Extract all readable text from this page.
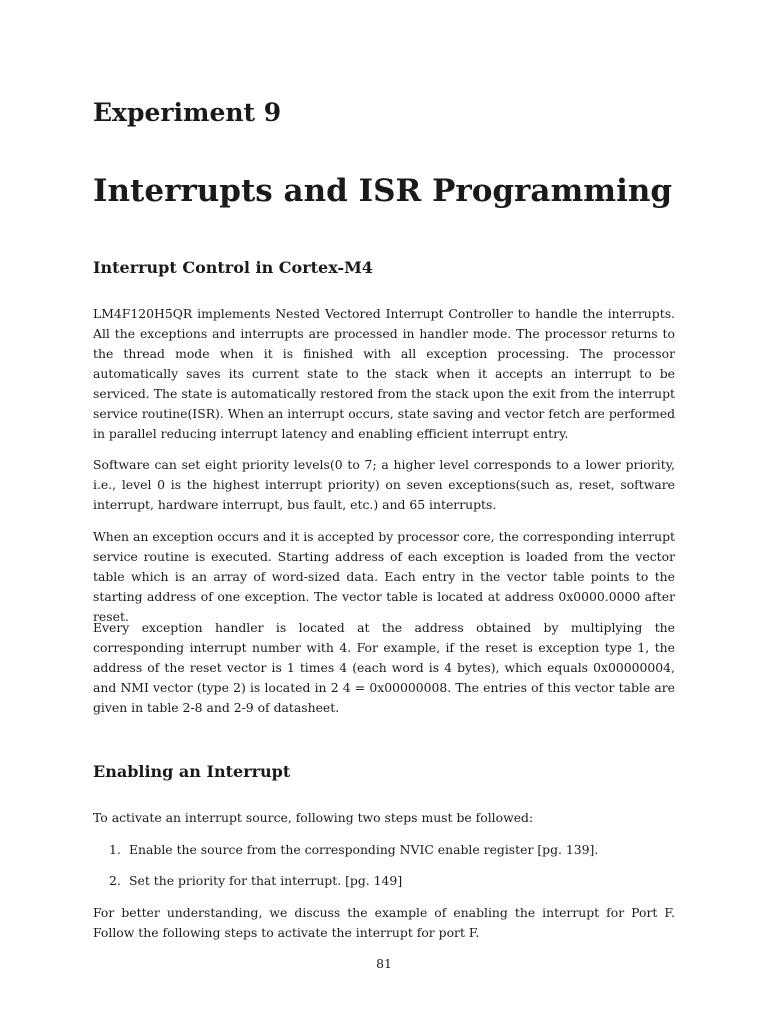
Experiment 9
Interrupts and ISR Programming
Interrupt Control in Cortex-M4

LM4F120H5QR implements Nested Vectored Interrupt Controller to handle the interrupts. All the exceptions and interrupts are processed in handler mode. The processor returns to the thread mode when it is finished with all exception processing. The processor automatically saves its current state to the stack when it accepts an interrupt to be serviced. The state is automatically restored from the stack upon the exit from the interrupt service routine(ISR). When an interrupt occurs, state saving and vector fetch are performed in parallel reducing interrupt latency and enabling efficient interrupt entry.

Software can set eight priority levels(0 to 7; a higher level corresponds to a lower priority, i.e., level 0 is the highest interrupt priority) on seven exceptions(such as, reset, software interrupt, hardware interrupt, bus fault, etc.) and 65 interrupts.

When an exception occurs and it is accepted by processor core, the corresponding interrupt service routine is executed. Starting address of each exception is loaded from the vector table which is an array of word-sized data. Each entry in the vector table points to the starting address of one exception. The vector table is located at address 0x0000.0000 after reset.

Every exception handler is located at the address obtained by multiplying the corresponding interrupt number with 4. For example, if the reset is exception type 1, the address of the reset vector is 1 times 4 (each word is 4 bytes), which equals 0x00000004, and NMI vector (type 2) is located in 2 4 = 0x00000008. The entries of this vector table are given in table 2-8 and 2-9 of datasheet.

Enabling an Interrupt

To activate an interrupt source, following two steps must be followed:

1. Enable the source from the corresponding NVIC enable register [pg. 139].

2. Set the priority for that interrupt. [pg. 149]

For better understanding, we discuss the example of enabling the interrupt for Port F. Follow the following steps to activate the interrupt for port F.

81
